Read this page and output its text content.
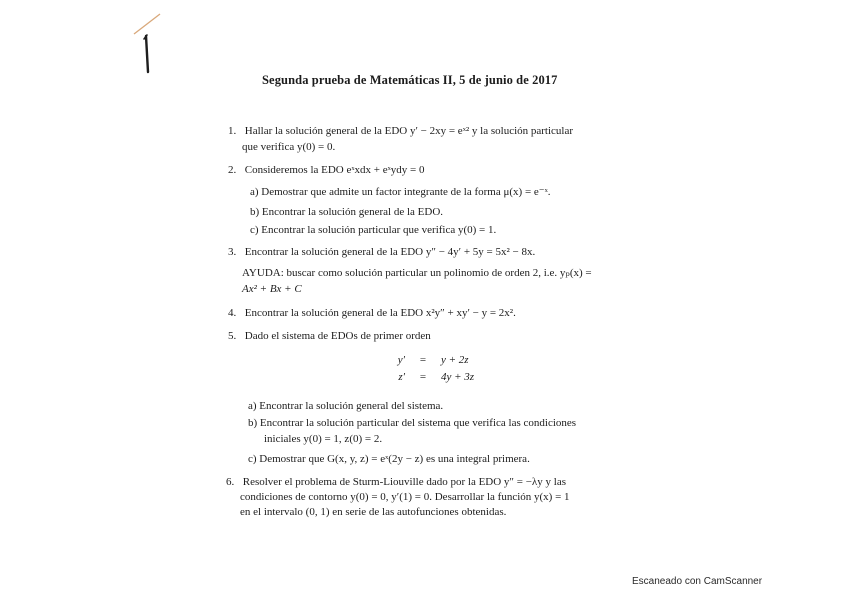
Segunda prueba de Matemáticas II, 5 de junio de 2017
1. Hallar la solución general de la EDO y′ − 2xy = eˣ² y la solución particular
que verifica y(0) = 0.
2. Consideremos la EDO eˣxdx + eˣydy = 0
a) Demostrar que admite un factor integrante de la forma μ(x) = e⁻ˣ.
b) Encontrar la solución general de la EDO.
c) Encontrar la solución particular que verifica y(0) = 1.
3. Encontrar la solución general de la EDO y″ − 4y′ + 5y = 5x² − 8x.
AYUDA: buscar como solución particular un polinomio de orden 2, i.e. yₚ(x) =
Ax² + Bx + C
4. Encontrar la solución general de la EDO x²y″ + xy′ − y = 2x².
5. Dado el sistema de EDOs de primer orden
y′ = y + 2z
z′ = 4y + 3z
a) Encontrar la solución general del sistema.
b) Encontrar la solución particular del sistema que verifica las condiciones
iniciales y(0) = 1, z(0) = 2.
c) Demostrar que G(x, y, z) = eˣ(2y − z) es una integral primera.
6. Resolver el problema de Sturm-Liouville dado por la EDO y″ = −λy y las
condiciones de contorno y(0) = 0, y′(1) = 0. Desarrollar la función y(x) = 1
en el intervalo (0, 1) en serie de las autofunciones obtenidas.
Escaneado con CamScanner
